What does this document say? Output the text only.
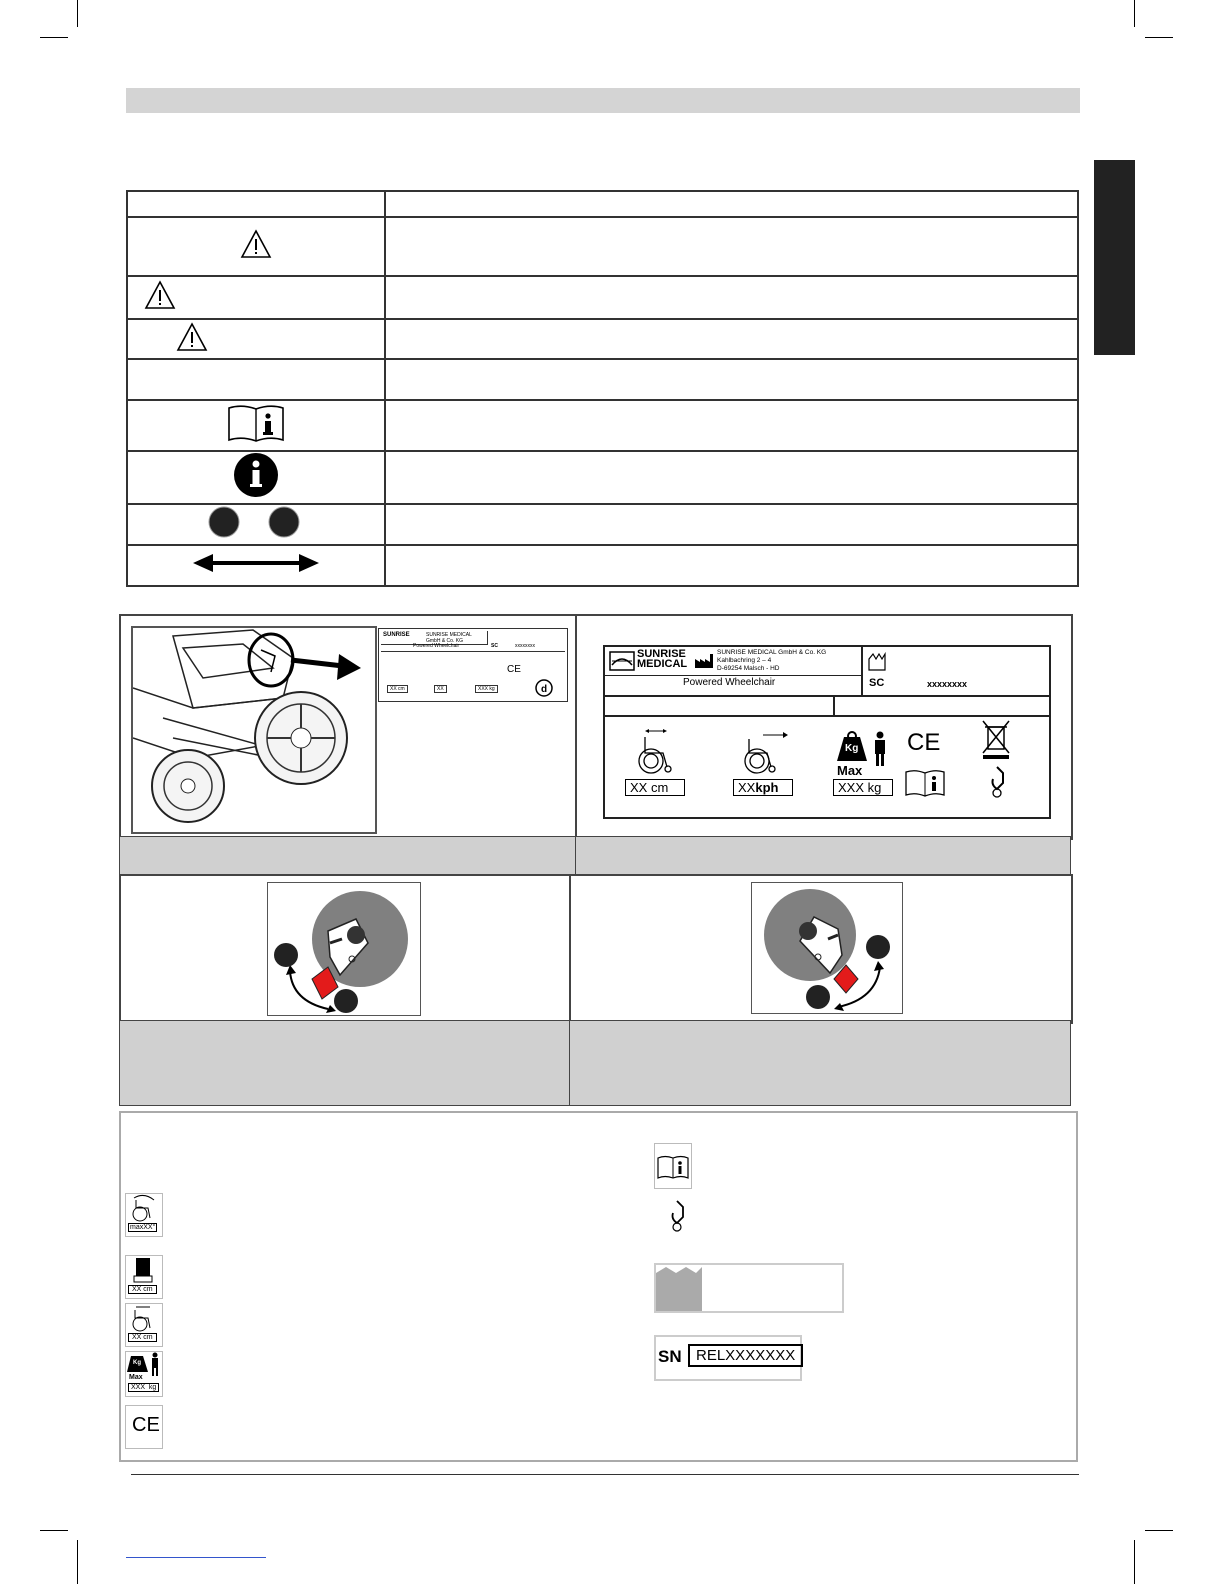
SUNRISE	SUNRISE MEDICAL GmbH & Co. KG
Powered Wheelchair	SC	xxxxxxxx
XX cm	XX	XXX kg
CE
d
SUNRISE
MEDICAL
SUNRISE MEDICAL GmbH & Co. KG
Kahlbachring 2 – 4
D-69254 Malsch - HD
Powered Wheelchair	SC	xxxxxxxx
XX cm	XXkph
Kg
Max
XXX kg
CE
maxXX°
XX cm
XX cm
Kg
Max
XXX  kg
CE
SN RELXXXXXXX
